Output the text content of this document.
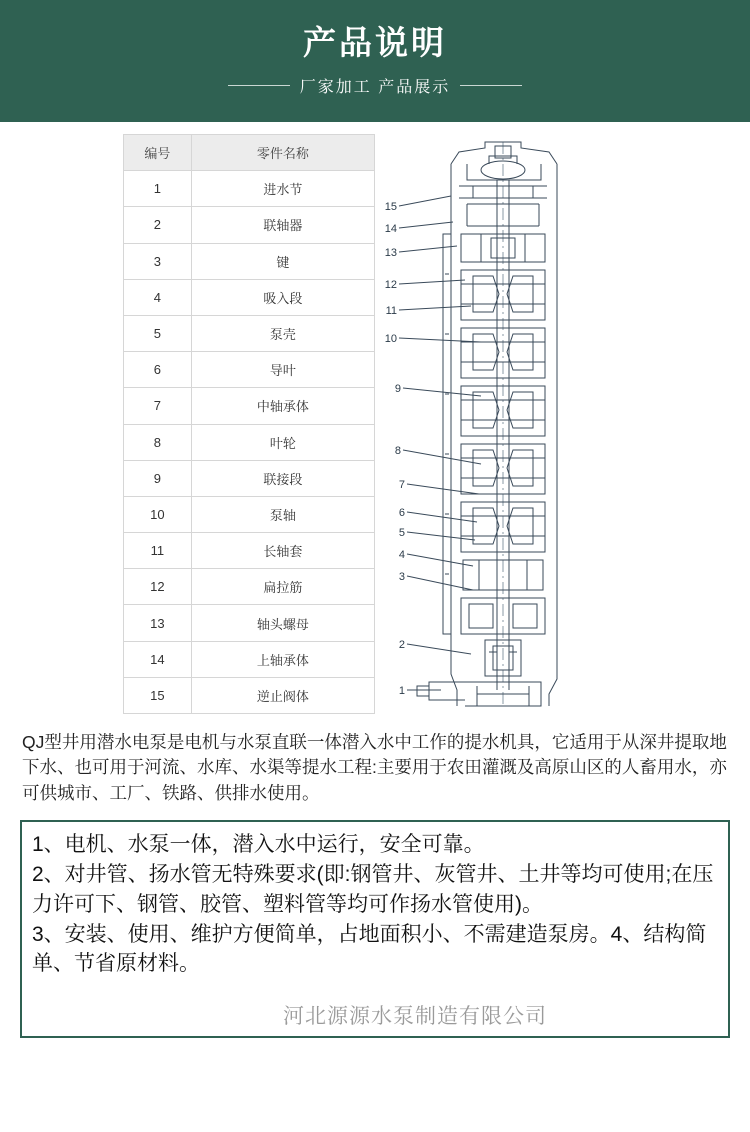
产品说明
厂家加工 产品展示
编号	零件名称
1	进水节
2	联轴器
3	键
4	吸入段
5	泵壳
6	导叶
7	中轴承体
8	叶轮
9	联接段
10	泵轴
11	长轴套
12	扁拉筋
13	轴头螺母
14	上轴承体
15	逆止阀体
15
14
13
12
11
10
9
8
7
6
5
4
3
2
1

QJ型井用潜水电泵是电机与水泵直联一体潜入水中工作的提水机具，它适用于从深井提取地下水、也可用于河流、水库、水渠等提水工程:主要用于农田灌溉及高原山区的人畜用水，亦可供城市、工厂、铁路、供排水使用。

1、电机、水泵一体，潜入水中运行，安全可靠。

2、对井管、扬水管无特殊要求(即:钢管井、灰管井、土井等均可使用;在压力许可下、钢管、胶管、塑料管等均可作扬水管使用)。

3、安装、使用、维护方便简单，占地面积小、不需建造泵房。4、结构简单、节省原材料。

河北源源水泵制造有限公司
